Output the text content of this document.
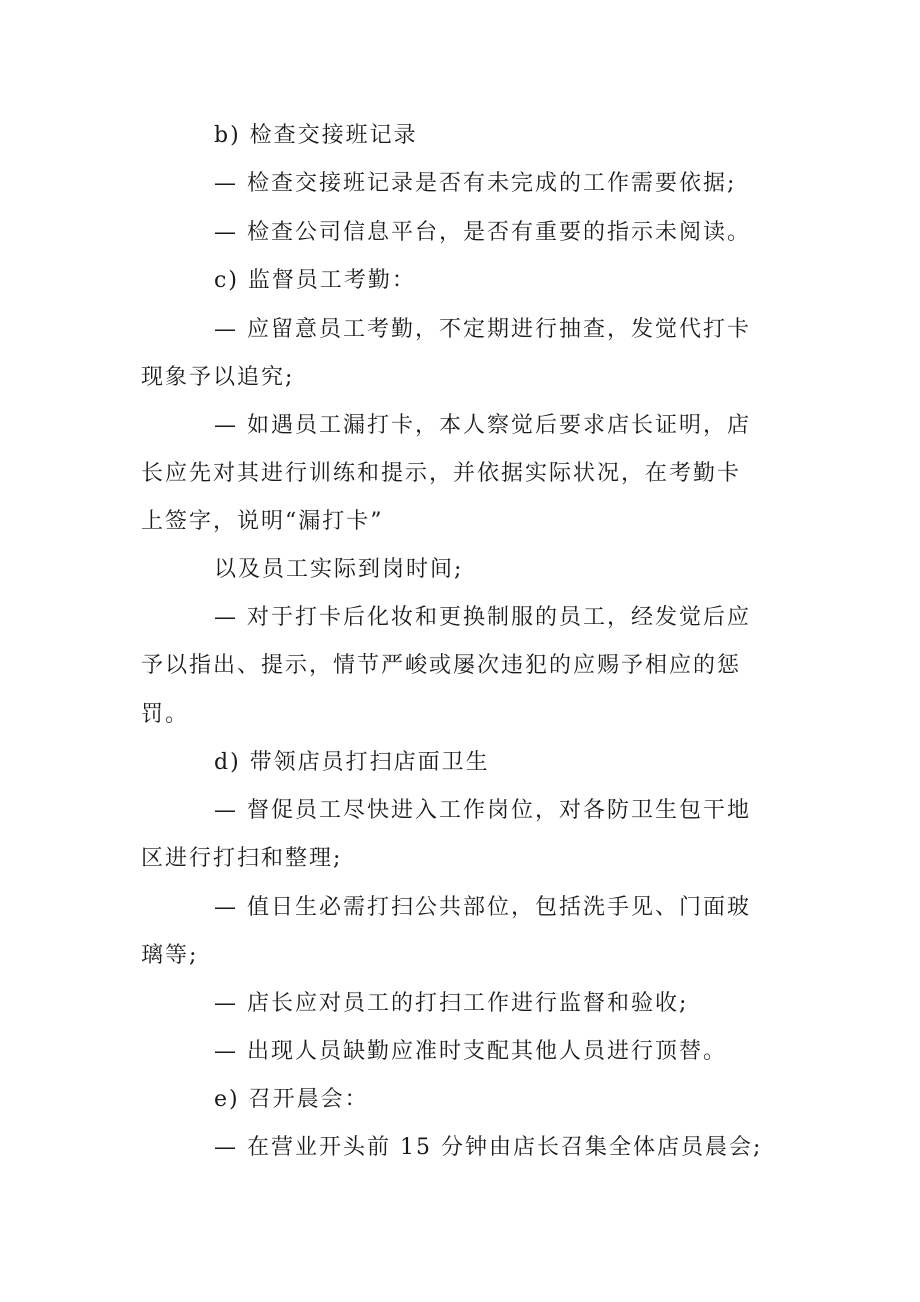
b) 检查交接班记录
— 检查交接班记录是否有未完成的工作需要依据;
— 检查公司信息平台，是否有重要的指示未阅读。
c) 监督员工考勤：
— 应留意员工考勤，不定期进行抽查，发觉代打卡
现象予以追究;
— 如遇员工漏打卡，本人察觉后要求店长证明，店
长应先对其进行训练和提示，并依据实际状况，在考勤卡
上签字，说明“漏打卡”
以及员工实际到岗时间;
— 对于打卡后化妆和更换制服的员工，经发觉后应
予以指出、提示，情节严峻或屡次违犯的应赐予相应的惩
罚。
d) 带领店员打扫店面卫生
— 督促员工尽快进入工作岗位，对各防卫生包干地
区进行打扫和整理;
— 值日生必需打扫公共部位，包括洗手见、门面玻
璃等;
— 店长应对员工的打扫工作进行监督和验收;
— 出现人员缺勤应准时支配其他人员进行顶替。
e) 召开晨会：
— 在营业开头前 15 分钟由店长召集全体店员晨会;
